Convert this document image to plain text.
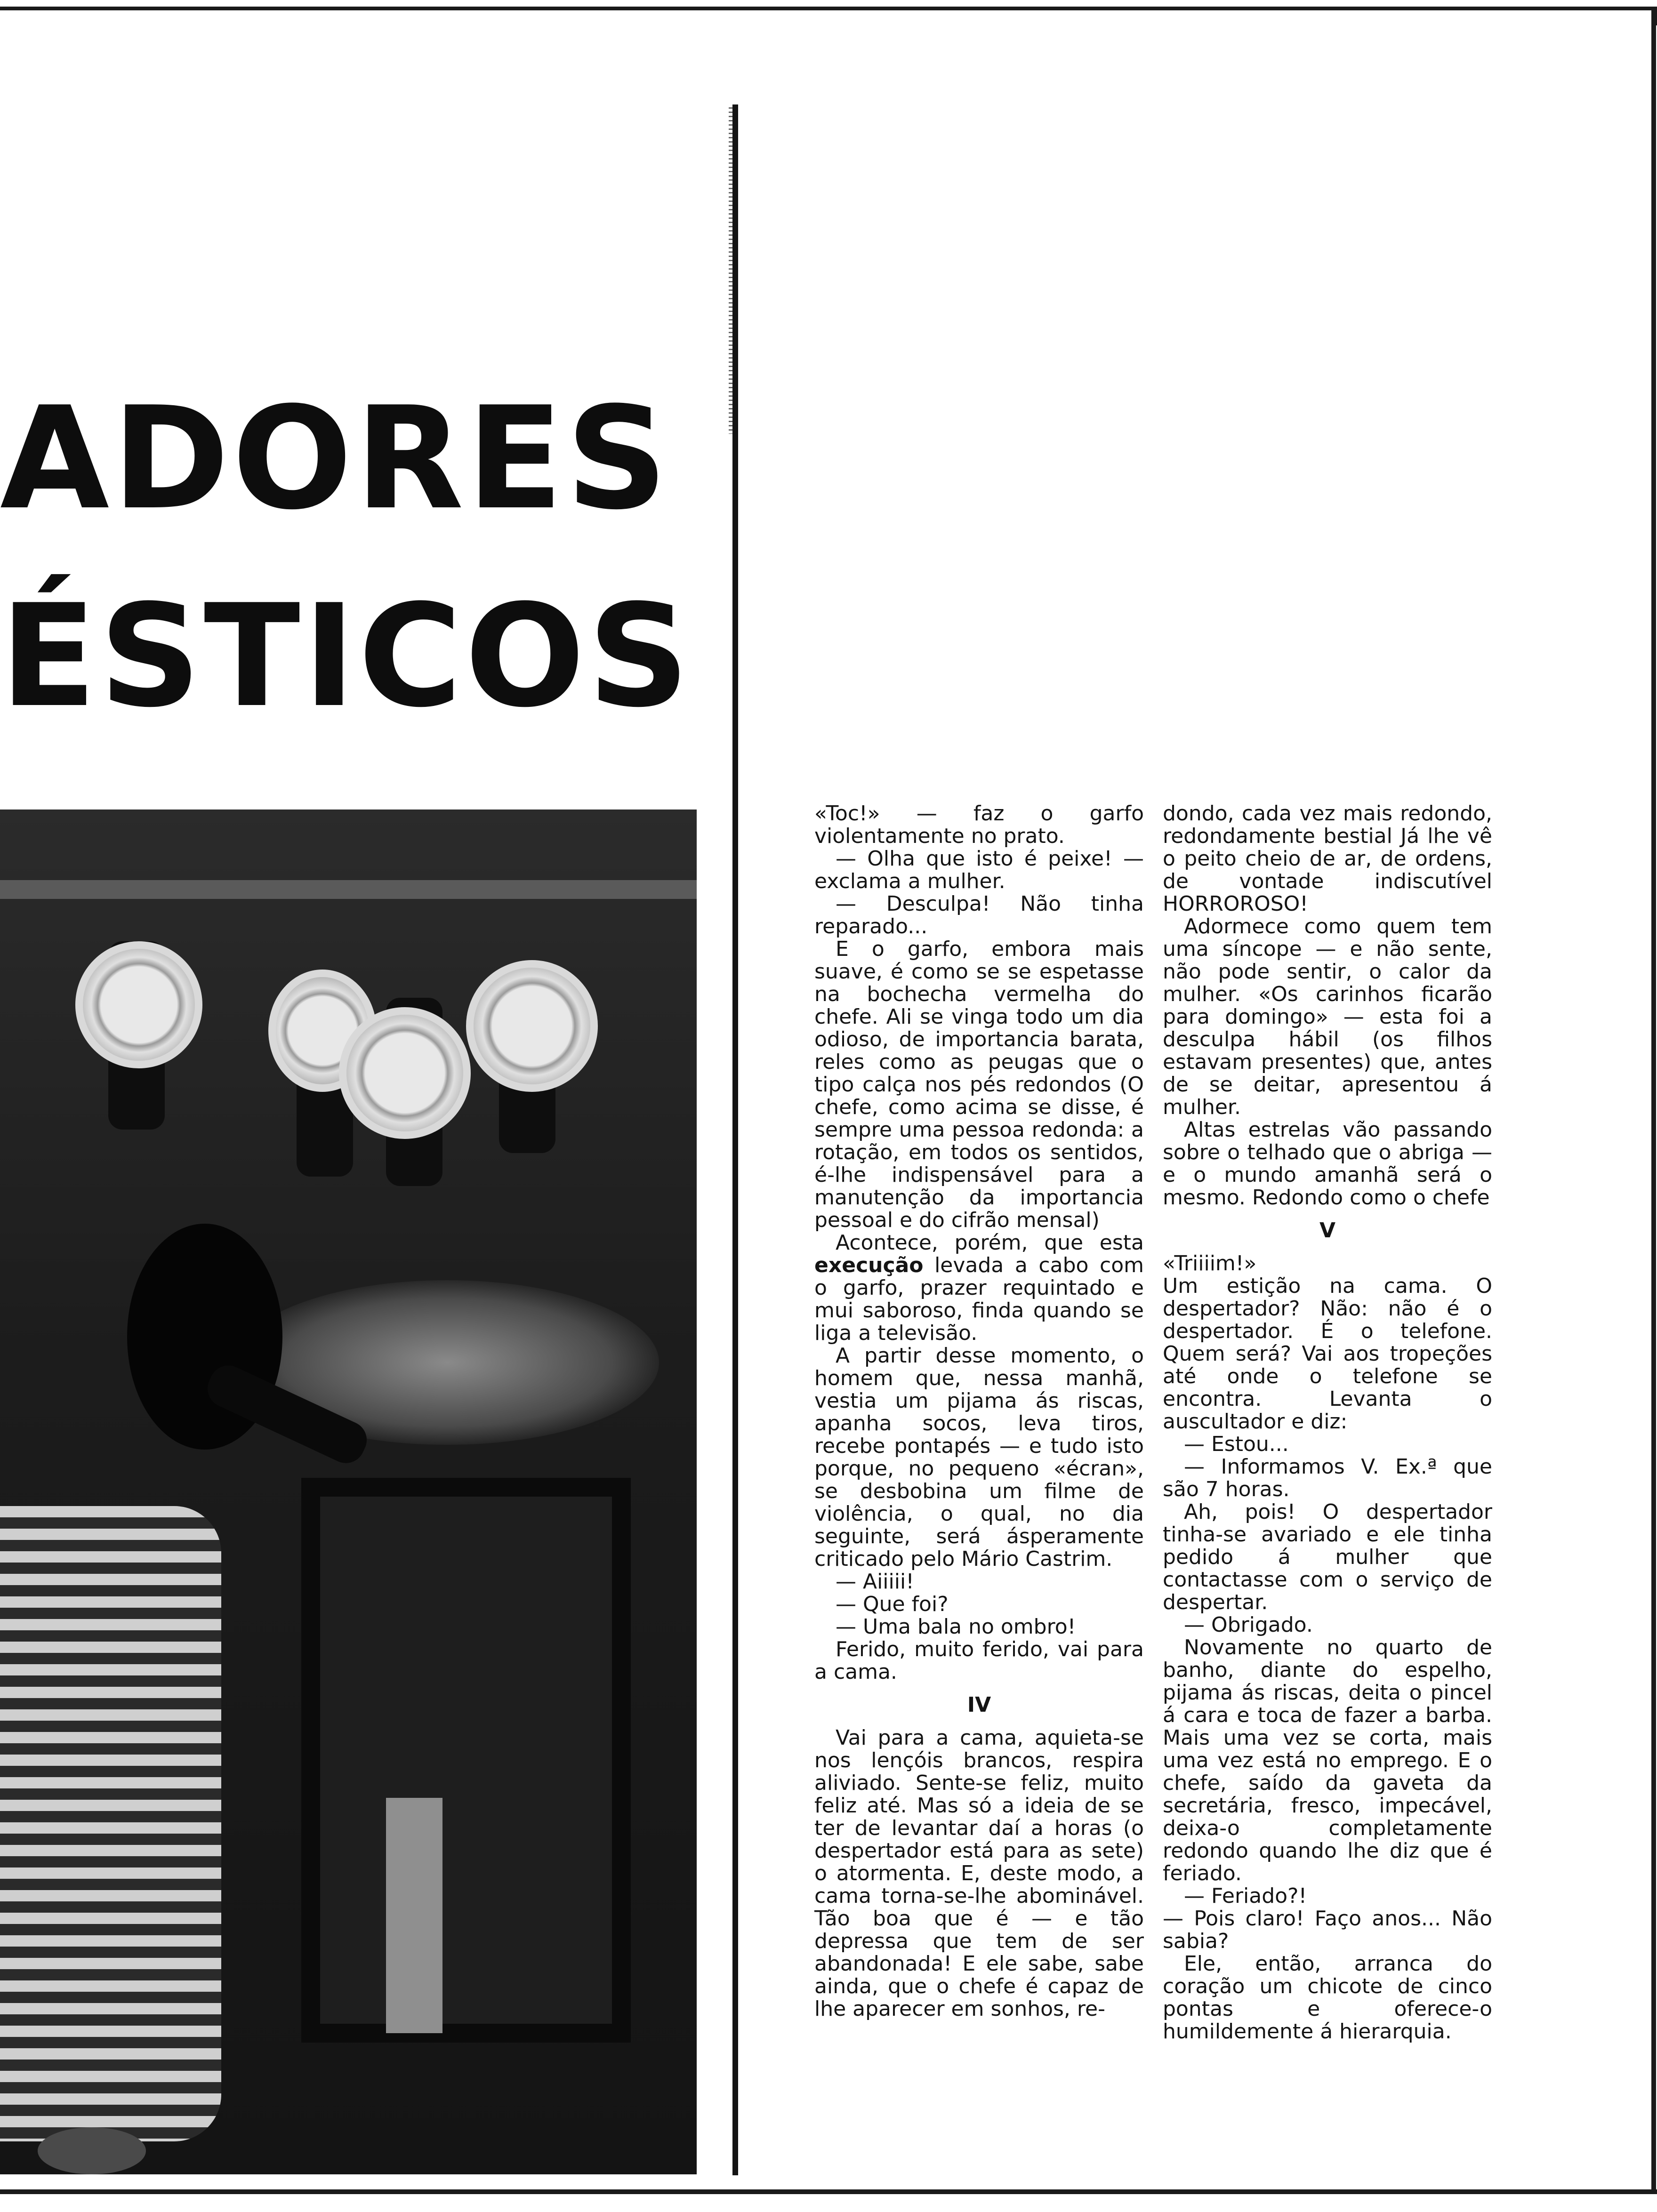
ADORES
ÉSTICOS

«Toc!» — faz o garfo violentamente no prato.

— Olha que isto é peixe! — exclama a mulher.

— Desculpa! Não tinha reparado...

E o garfo, embora mais suave, é como se se espetasse na bochecha vermelha do chefe. Ali se vinga todo um dia odioso, de importancia barata, reles como as peugas que o tipo calça nos pés redondos (O chefe, como acima se disse, é sempre uma pessoa redonda: a rotação, em todos os sentidos, é-lhe indispensável para a manutenção da importancia pessoal e do cifrão mensal)

Acontece, porém, que esta execução levada a cabo com o garfo, prazer requintado e mui saboroso, finda quando se liga a televisão.

A partir desse momento, o homem que, nessa manhã, vestia um pijama ás riscas, apanha socos, leva tiros, recebe pontapés — e tudo isto porque, no pequeno «écran», se desbobina um filme de violência, o qual, no dia seguinte, será ásperamente criticado pelo Mário Castrim.

— Aiiiii!

— Que foi?

— Uma bala no ombro!

Ferido, muito ferido, vai para a cama.

IV

Vai para a cama, aquieta-se nos lençóis brancos, respira aliviado. Sente-se feliz, muito feliz até. Mas só a ideia de se ter de levantar daí a horas (o despertador está para as sete) o atormenta. E, deste modo, a cama torna-se-lhe abominável. Tão boa que é — e tão depressa que tem de ser abandonada! E ele sabe, sabe ainda, que o chefe é capaz de lhe aparecer em sonhos, re-

dondo, cada vez mais redondo, redondamente bestial Já lhe vê o peito cheio de ar, de ordens, de vontade indiscutível HORROROSO!

Adormece como quem tem uma síncope — e não sente, não pode sentir, o calor da mulher. «Os carinhos ficarão para domingo» — esta foi a desculpa hábil (os filhos estavam presentes) que, antes de se deitar, apresentou á mulher.

Altas estrelas vão passando sobre o telhado que o abriga — e o mundo amanhã será o mesmo. Redondo como o chefe

V

«Triiiim!»

Um estição na cama. O despertador? Não: não é o despertador. É o telefone. Quem será? Vai aos tropeções até onde o telefone se encontra. Levanta o auscultador e diz:

— Estou...

— Informamos V. Ex.ª que são 7 horas.

Ah, pois! O despertador tinha-se avariado e ele tinha pedido á mulher que contactasse com o serviço de despertar.

— Obrigado.

Novamente no quarto de banho, diante do espelho, pijama ás riscas, deita o pincel á cara e toca de fazer a barba. Mais uma vez se corta, mais uma vez está no emprego. E o chefe, saído da gaveta da secretária, fresco, impecável, deixa-o completamente redondo quando lhe diz que é feriado.

— Feriado?!

— Pois claro! Faço anos... Não sabia?

Ele, então, arranca do coração um chicote de cinco pontas e oferece-o humildemente á hierarquia.
